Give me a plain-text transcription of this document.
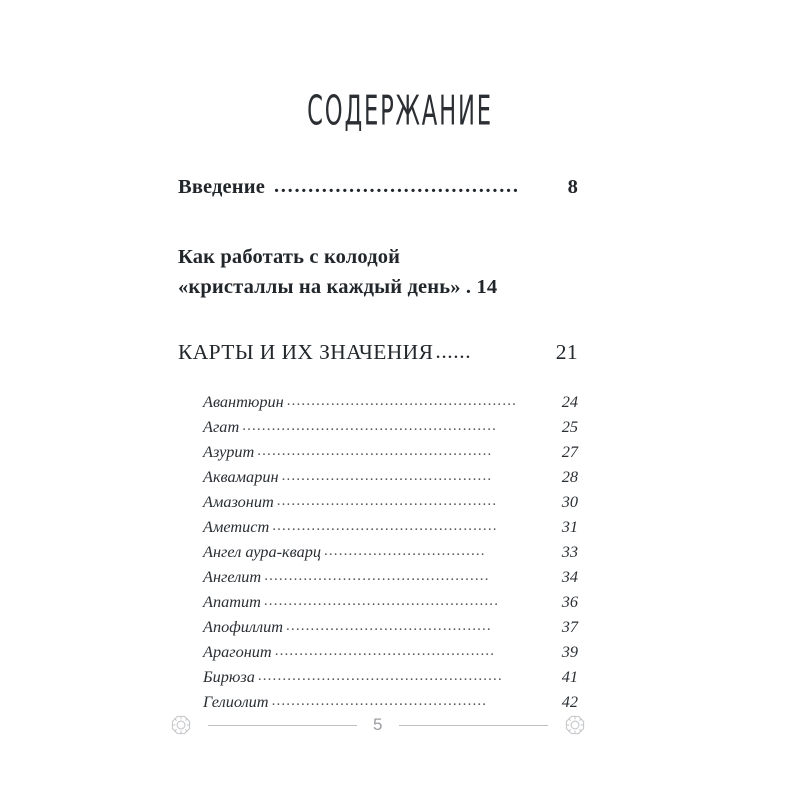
СОДЕРЖАНИЕ
Введение ....................................	8
Как работать с колодой
«кристаллы на каждый день» . 14
КАРТЫ И ИХ ЗНАЧЕНИЯ ......	21
Авантюрин ...............................................	24
Агат ....................................................	25
Азурит ................................................	27
Аквамарин ...........................................	28
Амазонит .............................................	30
Аметист ..............................................	31
Ангел аура-кварц .................................	33
Ангелит ..............................................	34
Апатит ................................................	36
Апофиллит ..........................................	37
Арагонит .............................................	39
Бирюза ..................................................	41
Гелиолит ............................................	42
5
